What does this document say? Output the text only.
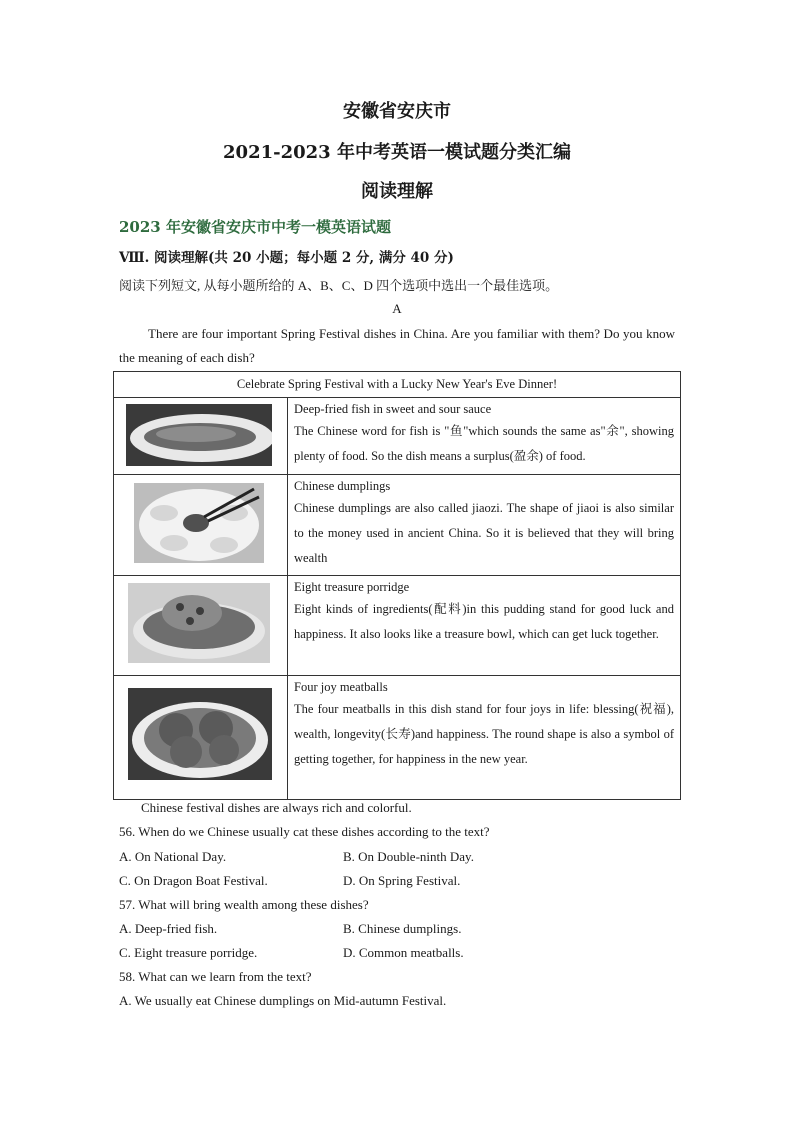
安徽省安庆市
2021-2023 年中考英语一模试题分类汇编
阅读理解
2023 年安徽省安庆市中考一模英语试题
Ⅷ. 阅读理解(共 20 小题；每小题 2 分, 满分 40 分)
阅读下列短文, 从每小题所给的 A、B、C、D 四个选项中选出一个最佳选项。
A
There are four important Spring Festival dishes in China. Are you familiar with them? Do you know the meaning of each dish?
Celebrate Spring Festival with a Lucky New Year's Eve Dinner!	

Deep-fried fish in sweet and sour sauce
The Chinese word for fish is "鱼"which sounds the same as"余", showing plenty of food. So the dish means a surplus(盈余) of food.

Chinese dumplings
Chinese dumplings are also called jiaozi. The shape of jiaoi is also similar to the money used in ancient China. So it is believed that they will bring wealth

Eight treasure porridge
Eight kinds of ingredients(配料)in this pudding stand for good luck and happiness. It also looks like a treasure bowl, which can get luck together.

Four joy meatballs
The four meatballs in this dish stand for four joys in life: blessing(祝福), wealth, longevity(长寿)and happiness. The round shape is also a symbol of getting together, for happiness in the new year.
Chinese festival dishes are always rich and colorful.
56. When do we Chinese usually cat these dishes according to the text?
A. On National Day.	B. On Double-ninth Day.
C. On Dragon Boat Festival.	D. On Spring Festival.
57. What will bring wealth among these dishes?
A. Deep-fried fish.	B. Chinese dumplings.
C. Eight treasure porridge.	D. Common meatballs.
58. What can we learn from the text?
A. We usually eat Chinese dumplings on Mid-autumn Festival.
